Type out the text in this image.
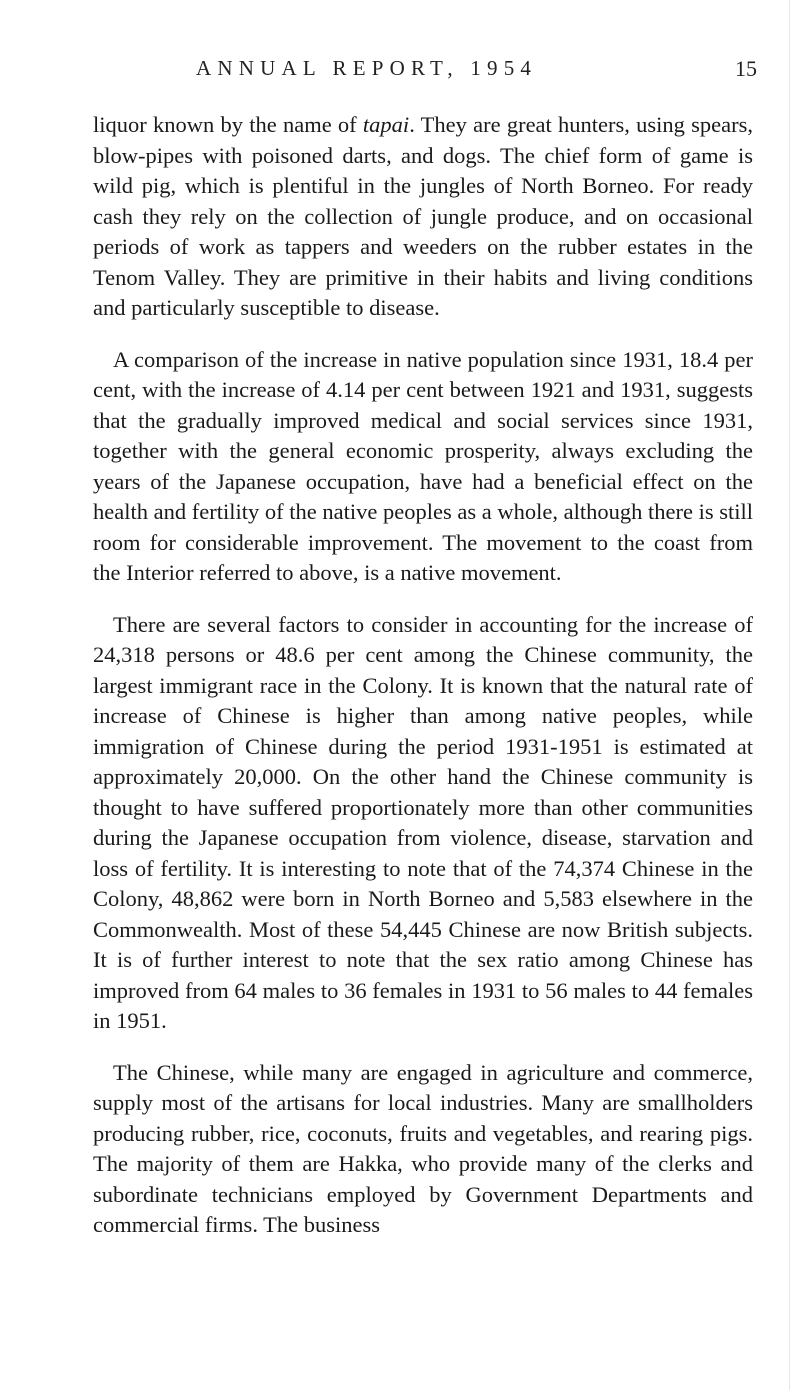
ANNUAL REPORT, 1954	15

liquor known by the name of tapai. They are great hunters, using spears, blow-pipes with poisoned darts, and dogs. The chief form of game is wild pig, which is plentiful in the jungles of North Borneo. For ready cash they rely on the collection of jungle produce, and on occasional periods of work as tappers and weeders on the rubber estates in the Tenom Valley. They are primitive in their habits and living conditions and particularly susceptible to disease.

A comparison of the increase in native population since 1931, 18.4 per cent, with the increase of 4.14 per cent between 1921 and 1931, suggests that the gradually improved medical and social services since 1931, together with the general economic prosperity, always excluding the years of the Japanese occupation, have had a beneficial effect on the health and fertility of the native peoples as a whole, although there is still room for considerable improvement. The movement to the coast from the Interior referred to above, is a native movement.

There are several factors to consider in accounting for the increase of 24,318 persons or 48.6 per cent among the Chinese community, the largest immigrant race in the Colony. It is known that the natural rate of increase of Chinese is higher than among native peoples, while immigration of Chinese during the period 1931-1951 is estimated at approximately 20,000. On the other hand the Chinese community is thought to have suffered proportionately more than other communities during the Japanese occupation from violence, disease, starvation and loss of fertility. It is interesting to note that of the 74,374 Chinese in the Colony, 48,862 were born in North Borneo and 5,583 elsewhere in the Commonwealth. Most of these 54,445 Chinese are now British subjects. It is of further interest to note that the sex ratio among Chinese has improved from 64 males to 36 females in 1931 to 56 males to 44 females in 1951.

The Chinese, while many are engaged in agriculture and commerce, supply most of the artisans for local industries. Many are smallholders producing rubber, rice, coconuts, fruits and vegetables, and rearing pigs. The majority of them are Hakka, who provide many of the clerks and subordinate technicians employed by Government Departments and commercial firms. The business
